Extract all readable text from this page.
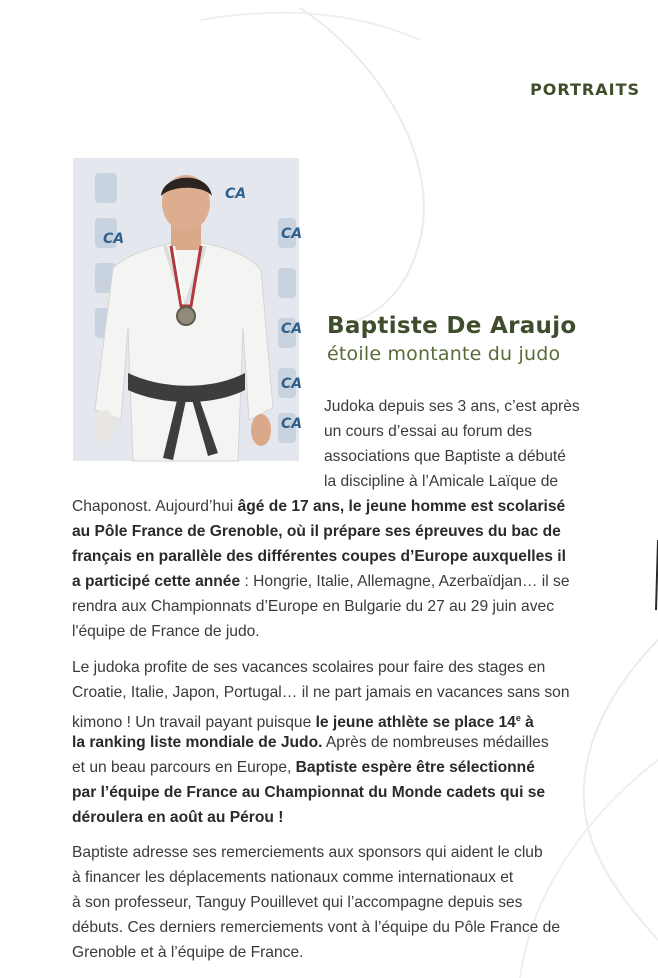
PORTRAITS
CA
CA	CA
CA
CA
CA
Baptiste De Araujo
étoile montante du judo
Judoka depuis ses 3 ans, c’est après
un cours d’essai au forum des
associations que Baptiste a débuté
la discipline à l’Amicale Laïque de
Chaponost. Aujourd’hui âgé de 17 ans, le jeune homme est scolarisé
au Pôle France de Grenoble, où il prépare ses épreuves du bac de
français en parallèle des différentes coupes d’Europe auxquelles il
a participé cette année : Hongrie, Italie, Allemagne, Azerbaïdjan… il se
rendra aux Championnats d’Europe en Bulgarie du 27 au 29 juin avec
l'équipe de France de judo.
Le judoka profite de ses vacances scolaires pour faire des stages en
Croatie, Italie, Japon, Portugal… il ne part jamais en vacances sans son
kimono ! Un travail payant puisque le jeune athlète se place 14e à
la ranking liste mondiale de Judo. Après de nombreuses médailles
et un beau parcours en Europe, Baptiste espère être sélectionné
par l’équipe de France au Championnat du Monde cadets qui se
déroulera en août au Pérou !
Baptiste adresse ses remerciements aux sponsors qui aident le club
à financer les déplacements nationaux comme internationaux et
à son professeur, Tanguy Pouillevet qui l’accompagne depuis ses
débuts. Ces derniers remerciements vont à l’équipe du Pôle France de
Grenoble et à l’équipe de France.
